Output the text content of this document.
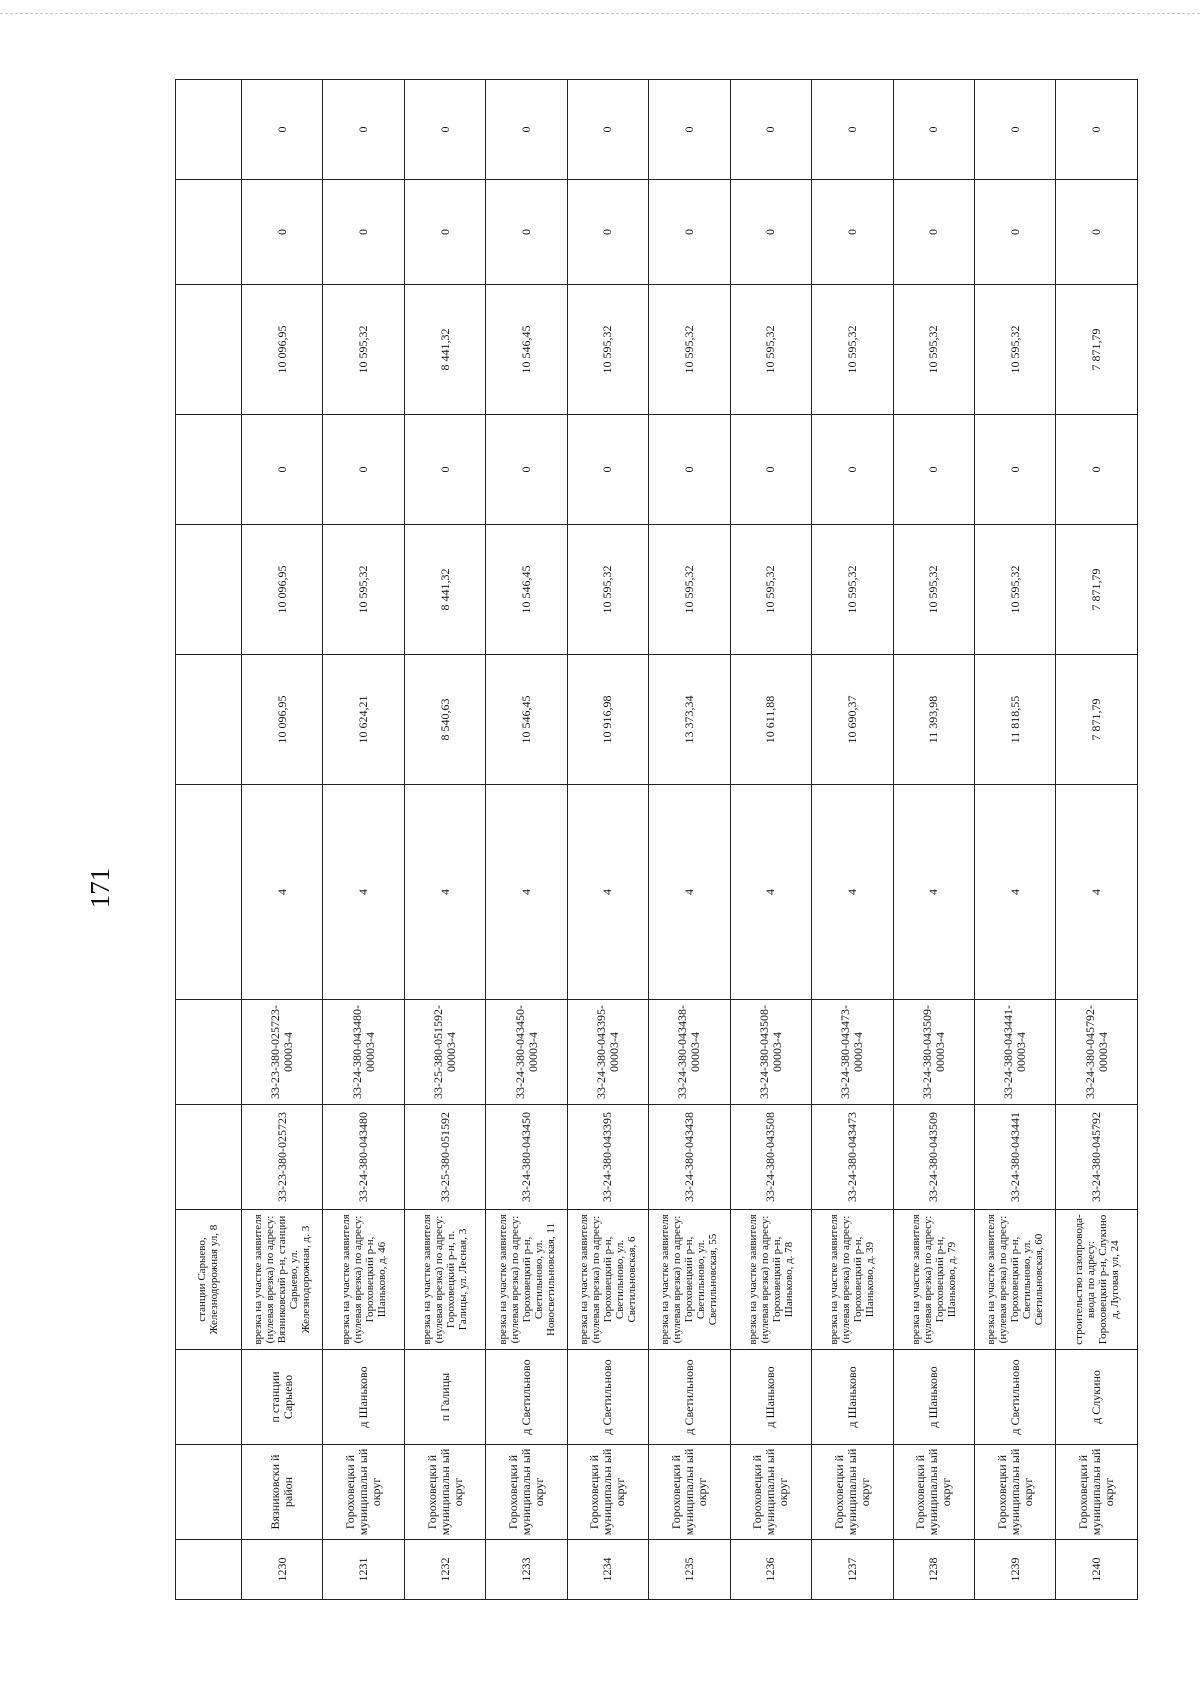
171
			станции Сарыево, Железнодорожная ул, 8									
1230	Вязниковски й район	п станции Сарыево	врезка на участке заявителя (нулевая врезка) по адресу: Вязниковский р-н, станции Сарыево, ул. Железнодорожная, д. 3	33-23-380-025723	33-23-380-025723-00003-4	4	10 096,95	10 096,95	0	10 096,95	0	0
1231	Гороховецки й муниципальн ый округ	д Шаньково	врезка на участке заявителя (нулевая врезка) по адресу: Гороховецкий р-н, Шаньково, д. 46	33-24-380-043480	33-24-380-043480-00003-4	4	10 624,21	10 595,32	0	10 595,32	0	0
1232	Гороховецки й муниципальн ый округ	п Галицы	врезка на участке заявителя (нулевая врезка) по адресу: Гороховецкий р-н, п. Галицы, ул. Лесная, 3	33-25-380-051592	33-25-380-051592-00003-4	4	8 540,63	8 441,32	0	8 441,32	0	0
1233	Гороховецки й муниципальн ый округ	д Светильново	врезка на участке заявителя (нулевая врезка) по адресу: Гороховецкий р-н, Светильново, ул. Новосветильновская, 11	33-24-380-043450	33-24-380-043450-00003-4	4	10 546,45	10 546,45	0	10 546,45	0	0
1234	Гороховецки й муниципальн ый округ	д Светильново	врезка на участке заявителя (нулевая врезка) по адресу: Гороховецкий р-н, Светильново, ул. Светильновская, 6	33-24-380-043395	33-24-380-043395-00003-4	4	10 916,98	10 595,32	0	10 595,32	0	0
1235	Гороховецки й муниципальн ый округ	д Светильново	врезка на участке заявителя (нулевая врезка) по адресу: Гороховецкий р-н, Светильново, ул. Светильновская, 55	33-24-380-043438	33-24-380-043438-00003-4	4	13 373,34	10 595,32	0	10 595,32	0	0
1236	Гороховецки й муниципальн ый округ	д Шаньково	врезка на участке заявителя (нулевая врезка) по адресу: Гороховецкий р-н, Шаньково, д. 78	33-24-380-043508	33-24-380-043508-00003-4	4	10 611,88	10 595,32	0	10 595,32	0	0
1237	Гороховецки й муниципальн ый округ	д Шаньково	врезка на участке заявителя (нулевая врезка) по адресу: Гороховецкий р-н, Шаньково, д. 39	33-24-380-043473	33-24-380-043473-00003-4	4	10 690,37	10 595,32	0	10 595,32	0	0
1238	Гороховецки й муниципальн ый округ	д Шаньково	врезка на участке заявителя (нулевая врезка) по адресу: Гороховецкий р-н, Шаньково, д. 79	33-24-380-043509	33-24-380-043509-00003-4	4	11 393,98	10 595,32	0	10 595,32	0	0
1239	Гороховецки й муниципальн ый округ	д Светильново	врезка на участке заявителя (нулевая врезка) по адресу: Гороховецкий р-н, Светильново, ул. Светильновская, 60	33-24-380-043441	33-24-380-043441-00003-4	4	11 818,55	10 595,32	0	10 595,32	0	0
1240	Гороховецки й муниципальн ый округ	д Слукино	строительство газопровода-ввода по адресу: Гороховецкий р-н, Слукино д, Луговая ул, 24	33-24-380-045792	33-24-380-045792-00003-4	4	7 871,79	7 871,79	0	7 871,79	0	0
